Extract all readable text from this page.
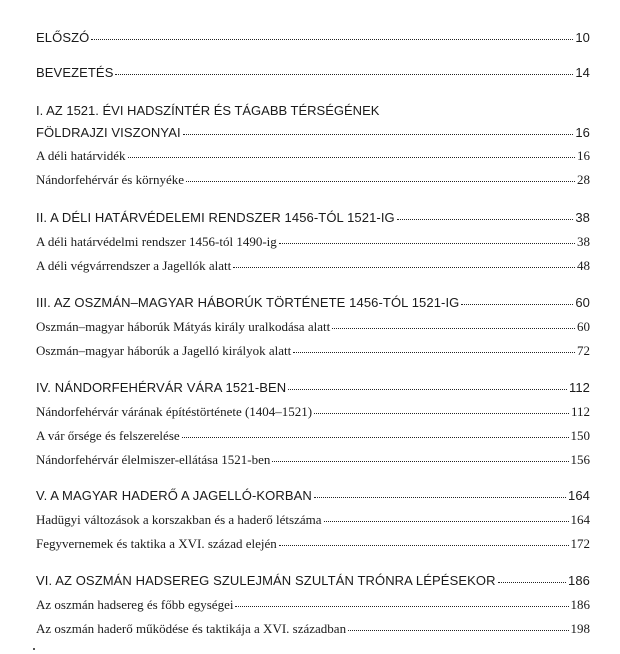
ELŐSZÓ	10
BEVEZETÉS	14
I. AZ 1521. ÉVI HADSZÍNTÉR ÉS TÁGABB TÉRSÉGÉNEK
FÖLDRAJZI VISZONYAI	16
A déli határvidék	16
Nándorfehérvár és környéke	28
II. A DÉLI HATÁRVÉDELEMI RENDSZER 1456-TÓL 1521-IG	38
A déli határvédelmi rendszer 1456-tól 1490-ig	38
A déli végvárrendszer a Jagellók alatt	48
III. AZ OSZMÁN–MAGYAR HÁBORÚK TÖRTÉNETE 1456-TÓL 1521-IG	60
Oszmán–magyar háborúk Mátyás király uralkodása alatt	60
Oszmán–magyar háborúk a Jagelló királyok alatt	72
IV. NÁNDORFEHÉRVÁR VÁRA 1521-BEN	112
Nándorfehérvár várának építéstörténete (1404–1521)	112
A vár őrsége és felszerelése	150
Nándorfehérvár élelmiszer-ellátása 1521-ben	156
V. A MAGYAR HADERŐ A JAGELLÓ-KORBAN	164
Hadügyi változások a korszakban és a haderő létszáma	164
Fegyvernemek és taktika a XVI. század elején	172
VI. AZ OSZMÁN HADSEREG SZULEJMÁN SZULTÁN TRÓNRA LÉPÉSEKOR	186
Az oszmán hadsereg és főbb egységei	186
Az oszmán haderő működése és taktikája a XVI. században	198
